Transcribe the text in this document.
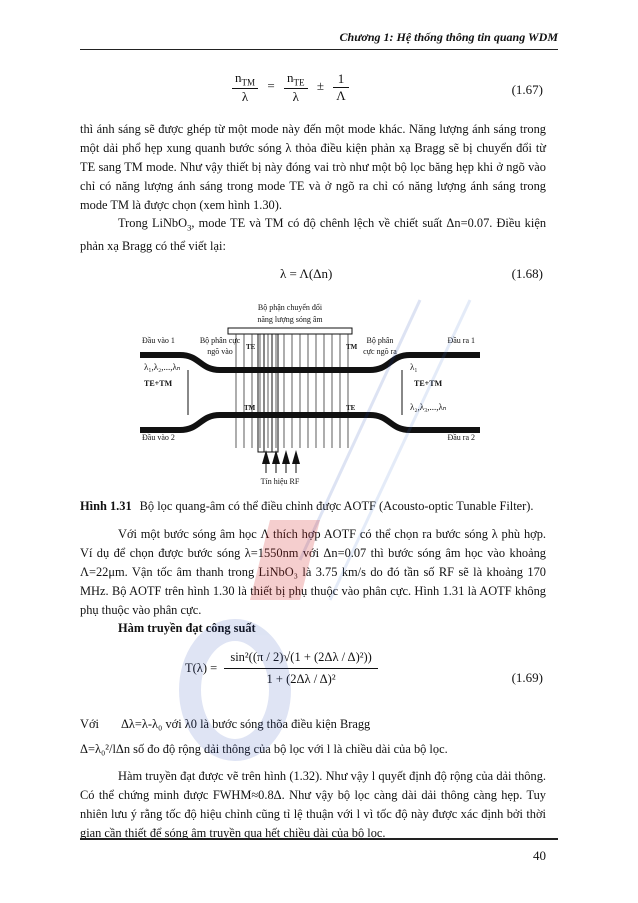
Chương 1: Hệ thống thông tin quang WDM
$\frac{n_{TM}}{\lambda} = \frac{n_{TE}}{\lambda} \pm \frac{1}{\Lambda}$	(1.67)

thì ánh sáng sẽ được ghép từ một mode này đến một mode khác. Năng lượng ánh sáng trong một dải phổ hẹp xung quanh bước sóng λ thỏa điều kiện phản xạ Bragg sẽ bị chuyển đổi từ TE sang TM mode. Như vậy thiết bị này đóng vai trò như một bộ lọc băng hẹp khi ở ngõ vào chỉ có năng lượng ánh sáng trong mode TE và ở ngõ ra chỉ có năng lượng ánh sáng trong mode TM là được chọn (xem hình 1.30).

Trong LiNbO$_3$, mode TE và TM có độ chênh lệch về chiết suất Δn=0.07. Điều kiện phản xạ Bragg có thể viết lại:

λ = Λ(Δn)	(1.68)
Bộ phận chuyển đổi
năng lượng sóng âm
Đầu vào 1
Đầu vào 2
Đầu ra 1
Đầu ra 2
Bộ phân cực
ngõ vào
Bộ phân
cực ngõ ra
λ₁,λ₂,...,λₙ
TE+TM
λ₁
TE+TM
λ₂,λ₃,...,λₙ
TE
TM
TM
TE
Tín hiệu RF
Hình 1.31 Bộ lọc quang-âm có thể điều chỉnh được AOTF (Acousto-optic Tunable Filter).

Với một bước sóng âm học Λ thích hợp AOTF có thể chọn ra bước sóng λ phù hợp. Ví dụ để chọn được bước sóng λ=1550nm với Δn=0.07 thì bước sóng âm học vào khoảng Λ=22μm. Vận tốc âm thanh trong LiNbO₃ là 3.75 km/s do đó tần số RF sẽ là khoảng 170 MHz. Bộ AOTF trên hình 1.30 là thiết bị phụ thuộc vào phân cực. Hình 1.31 là AOTF không phụ thuộc vào phân cực.

Hàm truyền đạt công suất
$T(\lambda) = \frac{\text{sin²((π / 2)√(1 + (2Δλ / Δ)²))}}{\text{1 + (2Δλ / Δ)²}}$	(1.69)
Với Δλ=λ-λ₀ với λ0 là bước sóng thõa điều kiện Bragg
Δ=λ₀²/lΔn số đo độ rộng dải thông của bộ lọc với l là chiều dài của bộ lọc.

Hàm truyền đạt được vẽ trên hình (1.32). Như vậy l quyết định độ rộng của dải thông. Có thể chứng minh được FWHM≈0.8Δ. Như vậy bộ lọc càng dài dải thông càng hẹp. Tuy nhiên lưu ý rằng tốc độ hiệu chỉnh cũng tỉ lệ thuận với l vì tốc độ này được xác định bởi thời gian cần thiết để sóng âm truyền qua hết chiều dài của bộ lọc.

40
